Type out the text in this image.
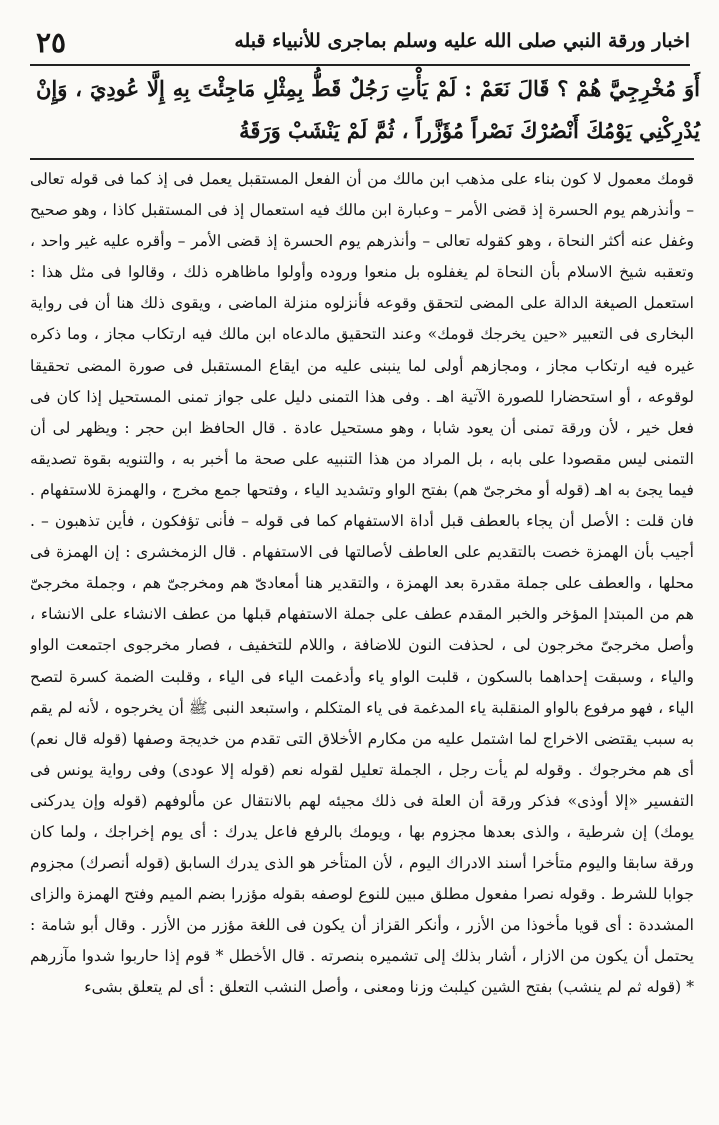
٢٥	اخبار ورقة النبي صلى الله عليه وسلم بماجرى للأنبياء قبله

أَوَ مُخْرِجِيَّ هُمْ ؟ قَالَ نَعَمْ : لَمْ يَأْتِ رَجُلٌ قَطُّ بِمِثْلِ مَاجِئْتَ بِهِ إِلَّا عُودِيَ ، وَإِنْ يُدْرِكْنِي يَوْمُكَ أَنْصُرْكَ نَصْراً مُؤَزَّراً ، ثُمَّ لَمْ يَنْشَبْ وَرَقَةُ

قومك معمول لا كون بناء على مذهب ابن مالك من أن الفعل المستقبل يعمل فى إذ كما فى قوله تعالى – وأنذرهم يوم الحسرة إذ قضى الأمر – وعبارة ابن مالك فيه استعمال إذ فى المستقبل كاذا ، وهو صحيح وغفل عنه أكثر النحاة ، وهو كقوله تعالى – وأنذرهم يوم الحسرة إذ قضى الأمر – وأقره عليه غير واحد ، وتعقبه شيخ الاسلام بأن النحاة لم يغفلوه بل منعوا وروده وأولوا ماظاهره ذلك ، وقالوا فى مثل هذا : استعمل الصيغة الدالة على المضى لتحقق وقوعه فأنزلوه منزلة الماضى ، ويقوى ذلك هنا أن فى رواية البخارى فى التعبير «حين يخرجك قومك» وعند التحقيق مالدعاه ابن مالك فيه ارتكاب مجاز ، وما ذكره غيره فيه ارتكاب مجاز ، ومجازهم أولى لما ينبنى عليه من ايقاع المستقبل فى صورة المضى تحقيقا لوقوعه ، أو استحضارا للصورة الآتية اهـ . وفى هذا التمنى دليل على جواز تمنى المستحيل إذا كان فى فعل خير ، لأن ورقة تمنى أن يعود شابا ، وهو مستحيل عادة . قال الحافظ ابن حجر : ويظهر لى أن التمنى ليس مقصودا على بابه ، بل المراد من هذا التنبيه على صحة ما أخبر به ، والتنويه بقوة تصديقه فيما يجئ به اهـ (قوله أو مخرجىّ هم) بفتح الواو وتشديد الياء ، وفتحها جمع مخرج ، والهمزة للاستفهام . فان قلت : الأصل أن يجاء بالعطف قبل أداة الاستفهام كما فى قوله – فأنى تؤفكون ، فأين تذهبون – . أجيب بأن الهمزة خصت بالتقديم على العاطف لأصالتها فى الاستفهام . قال الزمخشرى : إن الهمزة فى محلها ، والعطف على جملة مقدرة بعد الهمزة ، والتقدير هنا أمعادىّ هم ومخرجىّ هم ، وجملة مخرجىّ هم من المبتدإ المؤخر والخبر المقدم عطف على جملة الاستفهام قبلها من عطف الانشاء على الانشاء ، وأصل مخرجىّ مخرجون لى ، لحذفت النون للاضافة ، واللام للتخفيف ، فصار مخرجوى اجتمعت الواو والياء ، وسبقت إحداهما بالسكون ، قلبت الواو ياء وأدغمت الياء فى الياء ، وقلبت الضمة كسرة لتصح الياء ، فهو مرفوع بالواو المنقلبة ياء المدغمة فى ياء المتكلم ، واستبعد النبى ﷺ أن يخرجوه ، لأنه لم يقم به سبب يقتضى الاخراج لما اشتمل عليه من مكارم الأخلاق التى تقدم من خديجة وصفها (قوله قال نعم) أى هم مخرجوك . وقوله لم يأت رجل ، الجملة تعليل لقوله نعم (قوله إلا عودى) وفى رواية يونس فى التفسير «إلا أوذى» فذكر ورقة أن العلة فى ذلك مجيئه لهم بالانتقال عن مألوفهم (قوله وإن يدركنى يومك) إن شرطية ، والذى بعدها مجزوم بها ، ويومك بالرفع فاعل يدرك : أى يوم إخراجك ، ولما كان ورقة سابقا واليوم متأخرا أسند الادراك اليوم ، لأن المتأخر هو الذى يدرك السابق (قوله أنصرك) مجزوم جوابا للشرط . وقوله نصرا مفعول مطلق مبين للنوع لوصفه بقوله مؤزرا بضم الميم وفتح الهمزة والزاى المشددة : أى قويا مأخوذا من الأزر ، وأنكر القزاز أن يكون فى اللغة مؤزر من الأزر . وقال أبو شامة : يحتمل أن يكون من الازار ، أشار بذلك إلى تشميره بنصرته . قال الأخطل * قوم إذا حاربوا شدوا مآزرهم * (قوله ثم لم ينشب) بفتح الشين كيلبث وزنا ومعنى ، وأصل النشب التعلق : أى لم يتعلق بشىء
